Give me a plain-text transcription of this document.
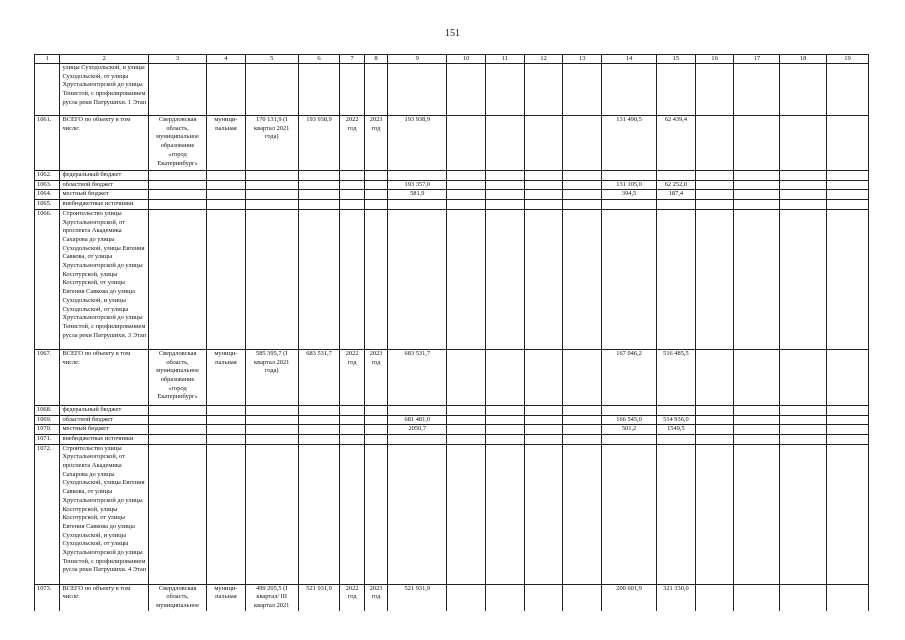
151
1	2	3	4	5	6	7	8	9	10	11	12	13	14	15	16	17	18	19
	улицы Суходольской, и улицы Суходольской, от улицы Хрустальногорской до улицы Тенистой, с профилированием русла реки Патрушихи. 1 Этап																	
1061.	ВСЕГО по объекту в том числе:	Свердловская область, муниципальное образование «город Екатеринбург»	муници-пальная	170 131,9 (I квартал 2021 года)	193 938,9	2022 год	2023 год	193 938,9					131 490,5	62 439,4				
1062.	федеральный бюджет																	
1063.	областной бюджет							193 357,0					131 105,0	62 252,0				
1064.	местный бюджет							581,9					394,5	187,4				
1065.	внебюджетные источники																	
1066.	Строительство улицы Хрустальногорской, от проспекта Академика Сахарова до улицы Суходольской, улицы Евгения Савкова, от улицы Хрустальногорской до улицы Косотурской, улицы Косотурской, от улицы Евгения Савкова до улицы Суходольской, и улицы Суходольской, от улицы Хрустальногорской до улицы Тенистой, с профилированием русла реки Патрушихи. 3 Этап																	
1067.	ВСЕГО по объекту в том числе:	Свердловская область, муниципальное образование «город Екатеринбург»	муници-пальная	585 395,7 (I квартал 2021 года)	683 531,7	2022 год	2023 год	683 531,7					167 046,2	516 485,5				
1068.	федеральный бюджет																	
1069.	областной бюджет							681 481,0					166 545,0	514 936,0				
1070.	местный бюджет							2050,7					501,2	1549,5				
1071.	внебюджетные источники																	
1072.	Строительство улицы Хрустальногорской, от проспекта Академика Сахарова до улицы Суходольской, улицы Евгения Савкова, от улицы Хрустальногорской до улицы Косотурской, улицы Косотурской, от улицы Евгения Савкова до улицы Суходольской, и улицы Суходольской, от улицы Хрустальногорской до улицы Тенистой, с профилированием русла реки Патрушихи. 4 Этап																	
1073.	ВСЕГО по объекту в том числе:	Свердловская область, муниципальное	муници-пальная	499 205,5 (I квартал/ III квартал 2021	521 931,9	2022 год	2023 год	521 931,9					200 601,9	321 330,0				
